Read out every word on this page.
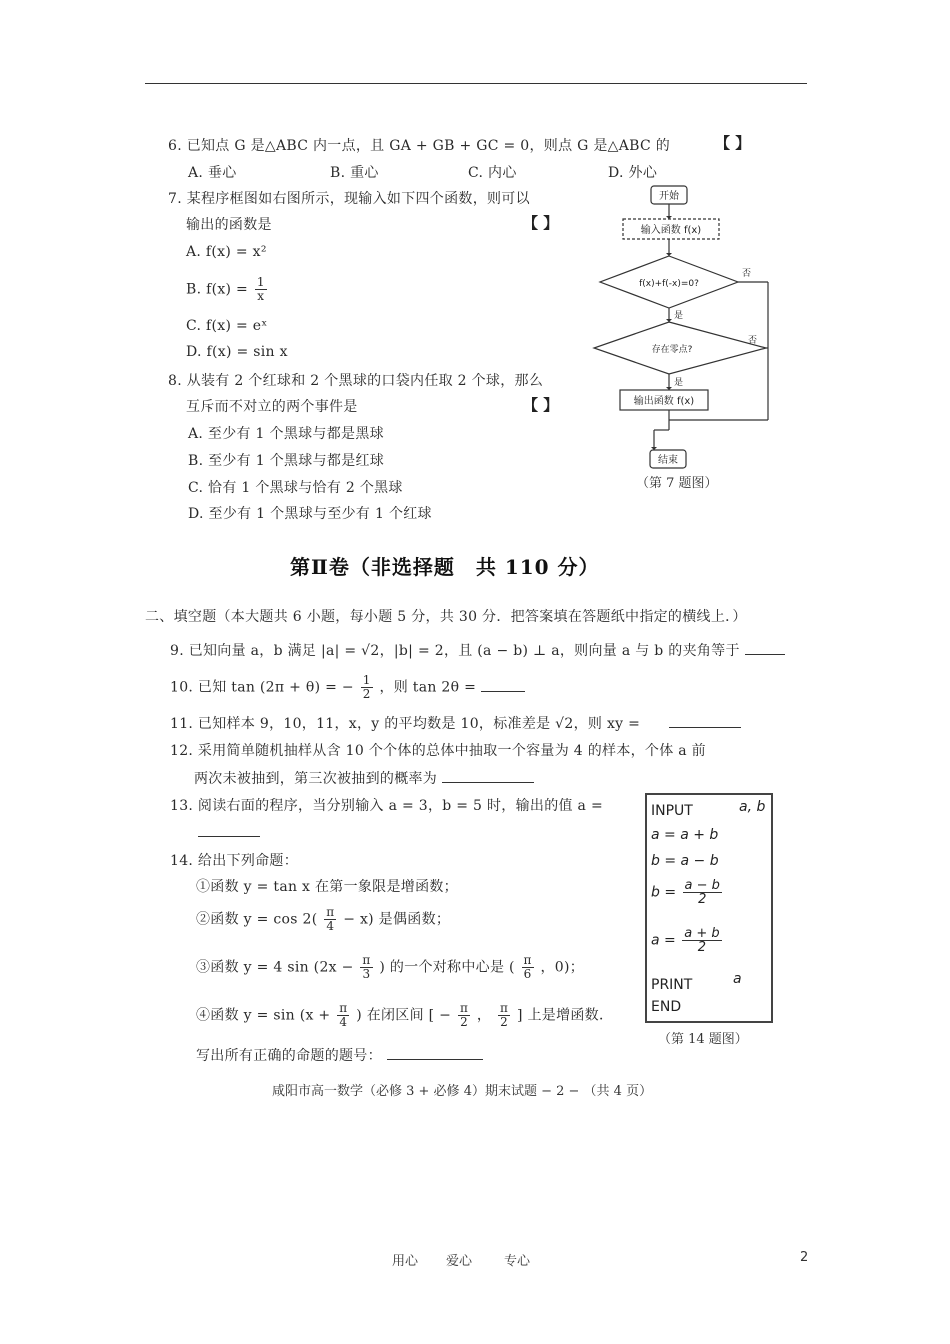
6. 已知点 G 是△ABC 内一点，且 GA + GB + GC = 0，则点 G 是△ABC 的	【 】
A. 垂心	B. 重心	C. 内心	D. 外心
7. 某程序框图如右图所示，现输入如下四个函数，则可以
输出的函数是	【 】
A. f(x) = x²
B. $f(x) = \frac{1}{x}$
C. f(x) = eˣ
D. f(x) = sin x
8. 从装有 2 个红球和 2 个黑球的口袋内任取 2 个球，那么
互斥而不对立的两个事件是	【 】
A. 至少有 1 个黑球与都是黑球
B. 至少有 1 个黑球与都是红球
C. 恰有 1 个黑球与恰有 2 个黑球
D. 至少有 1 个黑球与至少有 1 个红球
开始
输入函数 f(x)
f(x)+f(-x)=0?
存在零点?
输出函数 f(x)
结束
是
是
否
否
（第 7 题图）
第Ⅱ卷（非选择题　共 110 分）
二、填空题（本大题共 6 小题，每小题 5 分，共 30 分．把答案填在答题纸中指定的横线上．）
9. 已知向量 a，b 满足 |a| = √2，|b| = 2，且 (a − b) ⊥ a，则向量 a 与 b 的夹角等于
10. 已知 tan (2π + θ) = − $\frac{1}{2}$ ，则 tan 2θ =
11. 已知样本 9，10，11，x，y 的平均数是 10，标准差是 √2，则 xy =
12. 采用简单随机抽样从含 10 个个体的总体中抽取一个容量为 4 的样本，个体 a 前
两次未被抽到，第三次被抽到的概率为
13. 阅读右面的程序，当分别输入 a = 3，b = 5 时，输出的值 a =	INPUT	a, b
a = a + b
b = a − b
$b = \frac{a - b}{2}$
$a = \frac{a + b}{2}$
PRINT	a
END
（第 14 题图）
14. 给出下列命题：
①函数 y = tan x 在第一象限是增函数；
②函数 $y = \cos 2( \frac{\pi}{4} - x)$ 是偶函数；
③函数 y = 4 $\sin (2x - \frac{\pi}{3}$ ) 的一个对称中心是 ( $\frac{\pi}{6}$ ，0)；
④函数 $y = \sin (x + \frac{\pi}{4}$ ) 在闭区间 [ − $\frac{\pi}{2}$ ， $\frac{\pi}{2}$ ] 上是增函数．
写出所有正确的命题的题号：
咸阳市高一数学（必修 3 + 必修 4）期末试题 − 2 − （共 4 页）
用心 爱心 专心	2
